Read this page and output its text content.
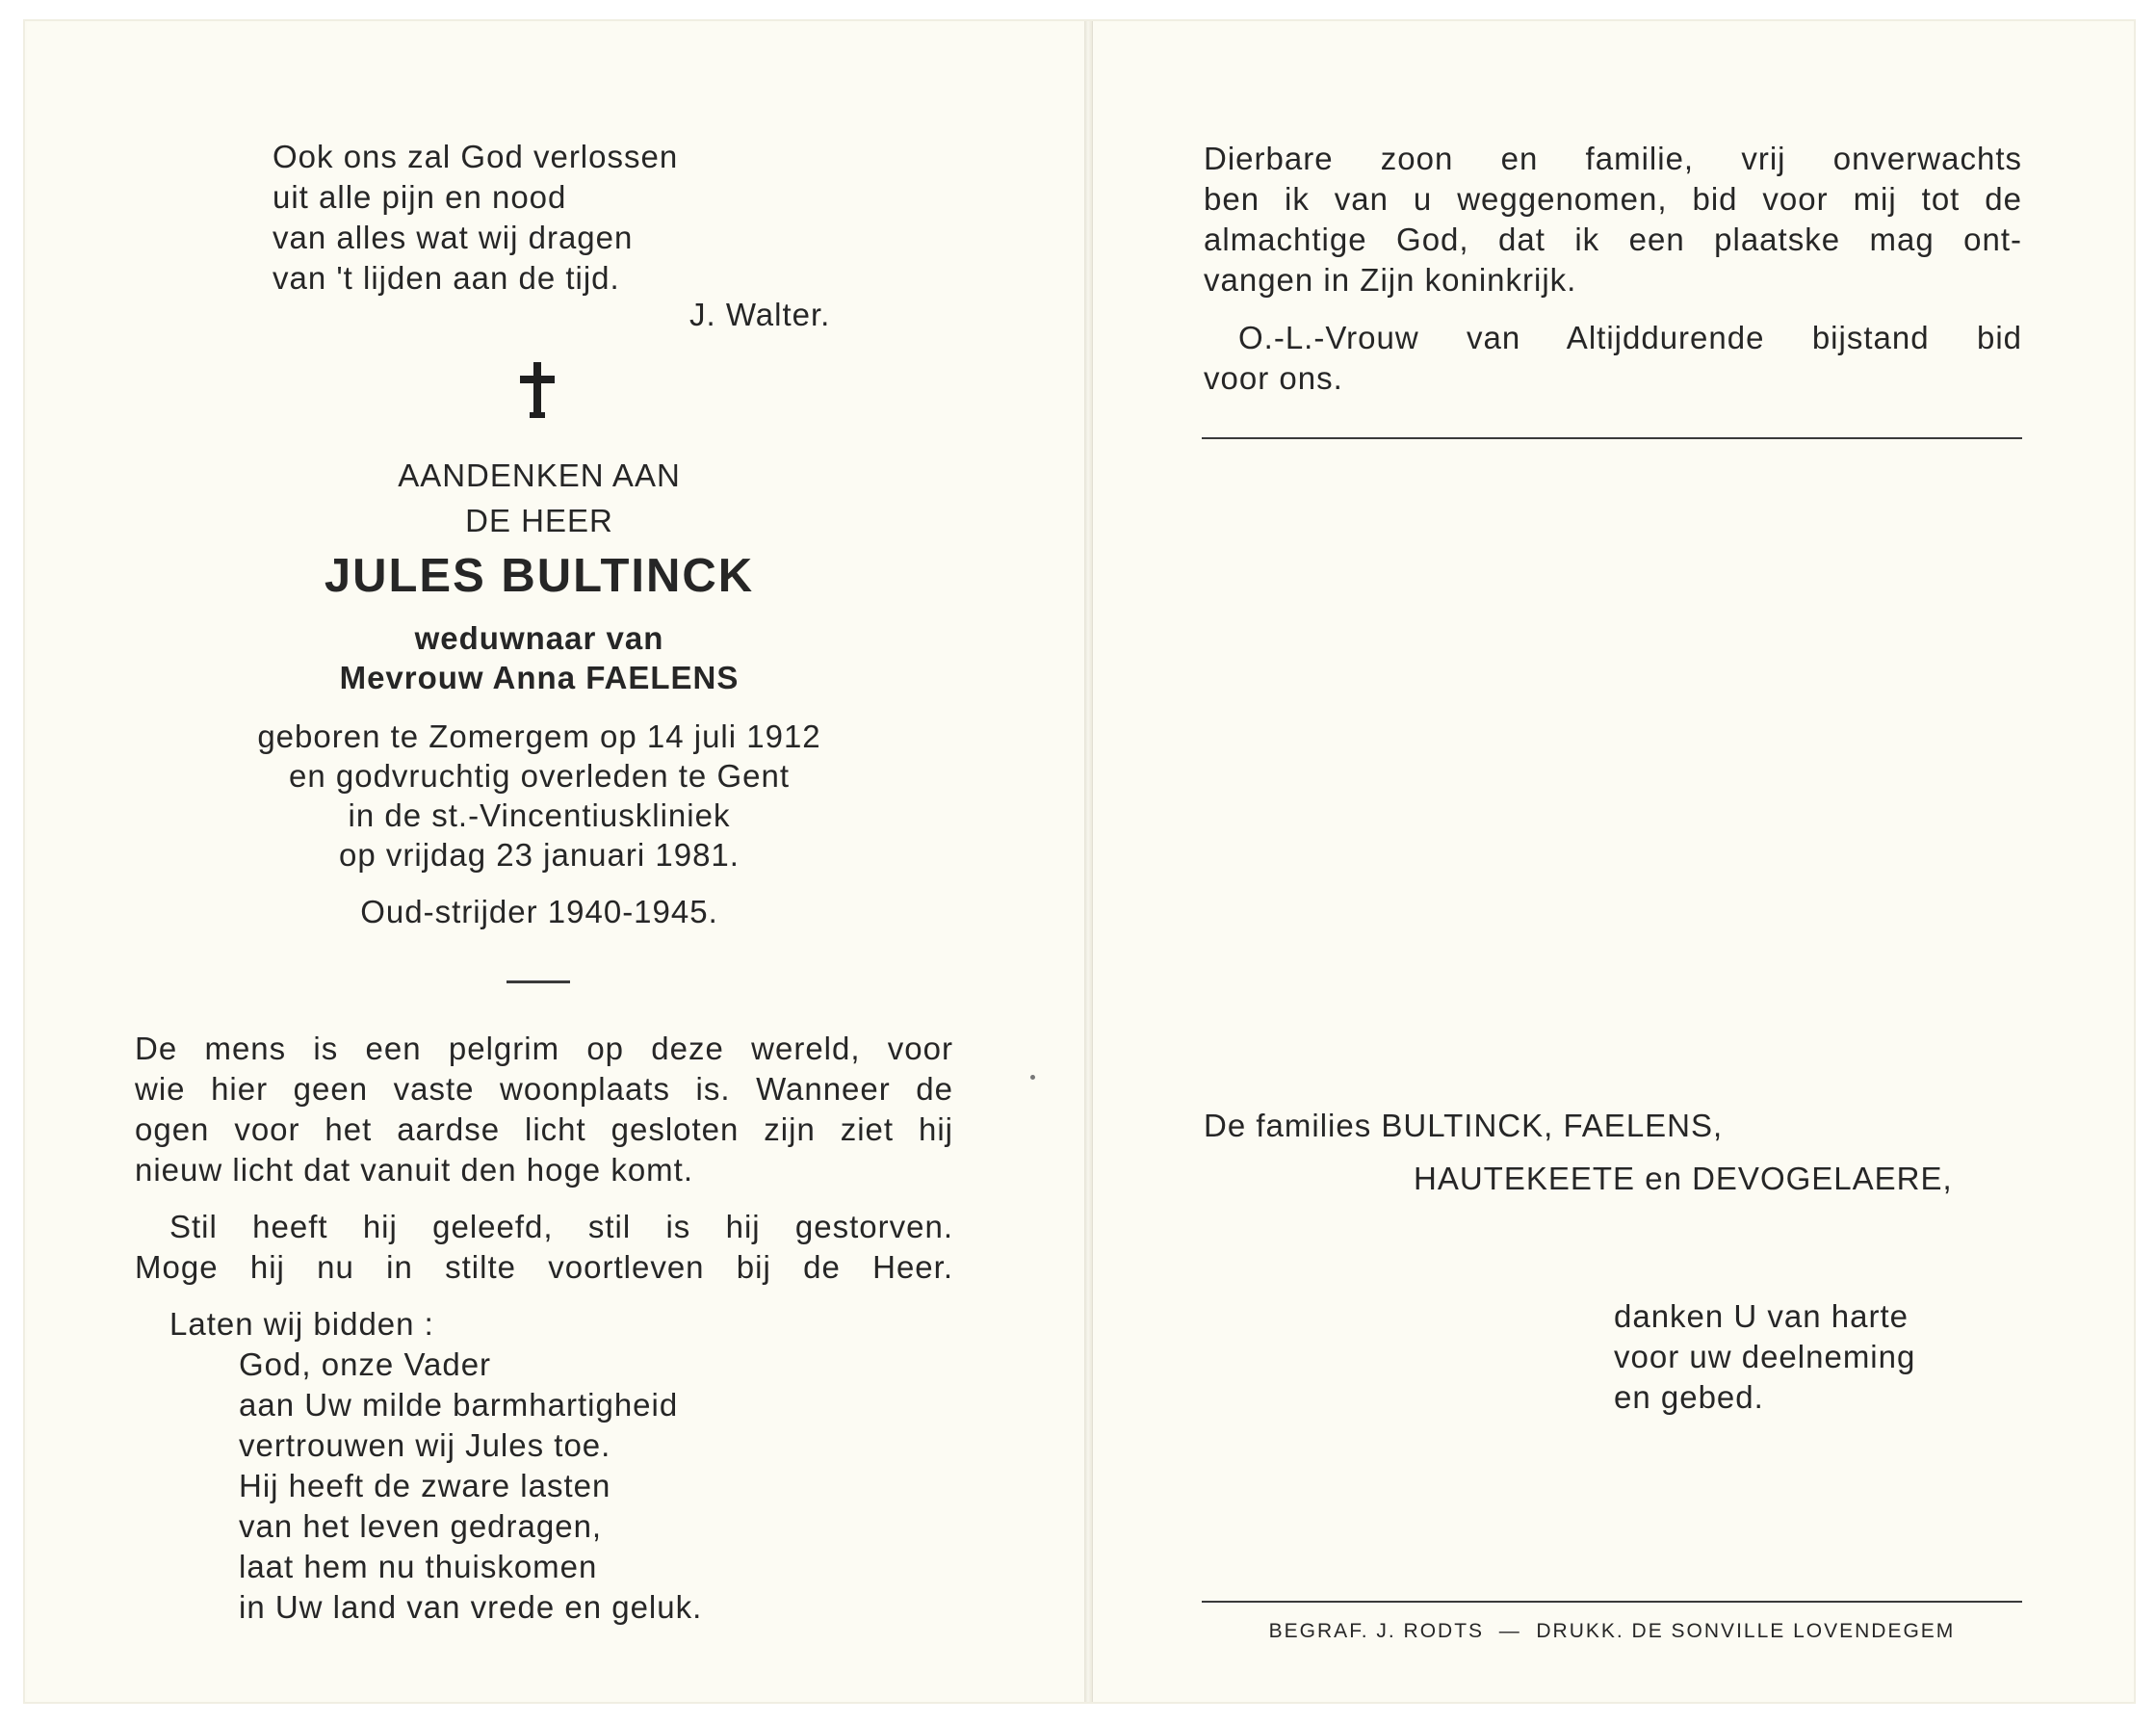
Ook ons zal God verlossen
uit alle pijn en nood
van alles wat wij dragen
van 't lijden aan de tijd.
J. Walter.
AANDENKEN AAN
DE HEER
JULES BULTINCK
weduwnaar van
Mevrouw Anna FAELENS
geboren te Zomergem op 14 juli 1912
en godvruchtig overleden te Gent
in de st.-Vincentiuskliniek
op vrijdag 23 januari 1981.
Oud-strijder 1940-1945.
De mens is een pelgrim op deze wereld, voor
wie hier geen vaste woonplaats is. Wanneer de
ogen voor het aardse licht gesloten zijn ziet hij
nieuw licht dat vanuit den hoge komt.
Stil heeft hij geleefd, stil is hij gestorven.
Moge hij nu in stilte voortleven bij de Heer.
Laten wij bidden :
God, onze Vader
aan Uw milde barmhartigheid
vertrouwen wij Jules toe.
Hij heeft de zware lasten
van het leven gedragen,
laat hem nu thuiskomen
in Uw land van vrede en geluk.
Dierbare zoon en familie, vrij onverwachts
ben ik van u weggenomen, bid voor mij tot de
almachtige God, dat ik een plaatske mag ont-
vangen in Zijn koninkrijk.
O.-L.-Vrouw van Altijddurende bijstand bid
voor ons.
De families BULTINCK, FAELENS,
HAUTEKEETE en DEVOGELAERE,
danken U van harte
voor uw deelneming
en gebed.
BEGRAF. J. RODTS  —  DRUKK. DE SONVILLE LOVENDEGEM
